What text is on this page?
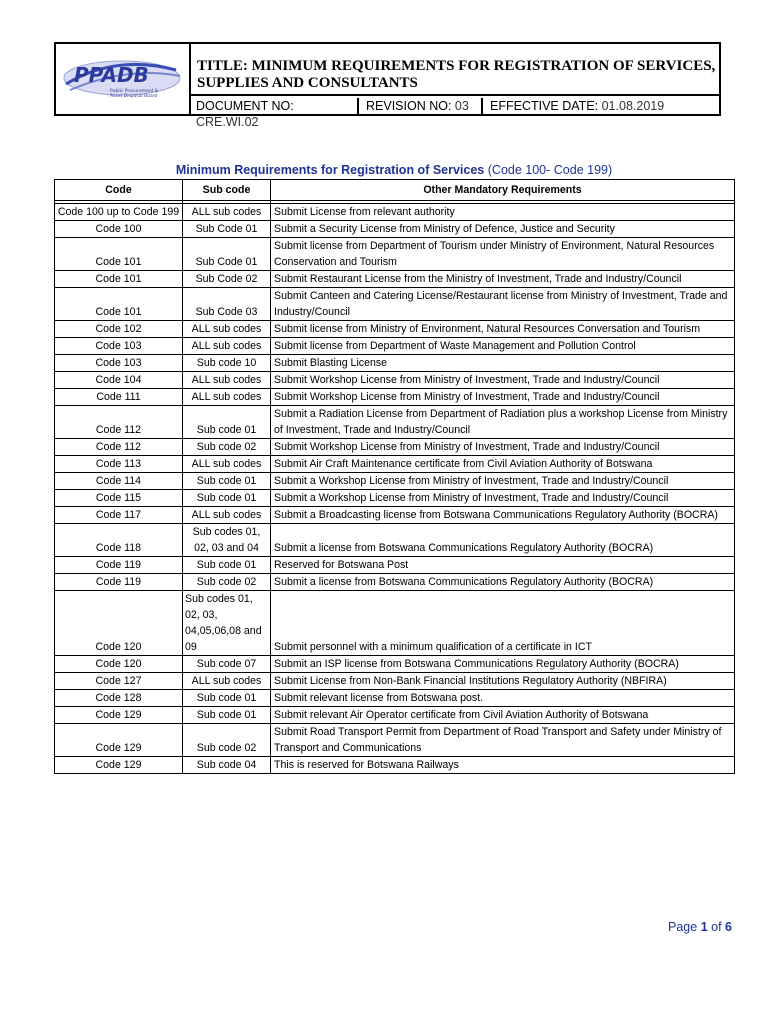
PPADB
Public Procurement &
Asset Disposal Board
TITLE: MINIMUM REQUIREMENTS FOR REGISTRATION OF SERVICES,
SUPPLIES AND CONSULTANTS
DOCUMENT NO: CRE.WI.02
REVISION NO: 03	EFFECTIVE DATE: 01.08.2019
Minimum Requirements for Registration of Services (Code 100- Code 199)
Code	Sub code	Other Mandatory Requirements

Code 100 up to Code 199	ALL sub codes	Submit License from relevant authority
Code 100	Sub Code 01	Submit a Security License from Ministry of Defence, Justice and Security
Code 101	Sub Code 01	Submit license from Department of Tourism under Ministry of Environment, Natural Resources Conservation and Tourism
Code 101	Sub Code 02	Submit Restaurant License from the Ministry of Investment, Trade and Industry/Council
Code 101	Sub Code 03	Submit Canteen and Catering License/Restaurant license from Ministry of Investment, Trade and Industry/Council
Code 102	ALL sub codes	Submit license from Ministry of Environment, Natural Resources Conversation and Tourism
Code 103	ALL sub codes	Submit license from Department of Waste Management and Pollution Control
Code 103	Sub code 10	Submit Blasting License
Code 104	ALL sub codes	Submit Workshop License from Ministry of Investment, Trade and Industry/Council
Code 111	ALL sub codes	Submit Workshop License from Ministry of Investment, Trade and Industry/Council
Code 112	Sub code 01	Submit a Radiation License from Department of Radiation plus a workshop License from Ministry of Investment, Trade and Industry/Council
Code 112	Sub code 02	Submit Workshop License from Ministry of Investment, Trade and Industry/Council
Code 113	ALL sub codes	Submit Air Craft Maintenance certificate from Civil Aviation Authority of Botswana
Code 114	Sub code 01	Submit a Workshop License from Ministry of Investment, Trade and Industry/Council
Code 115	Sub code 01	Submit a Workshop License from Ministry of Investment, Trade and Industry/Council
Code 117	ALL sub codes	Submit a Broadcasting license from Botswana Communications Regulatory Authority (BOCRA)
Code 118	Sub codes 01, 02, 03 and 04	Submit a license from Botswana Communications Regulatory Authority (BOCRA)
Code 119	Sub code 01	Reserved for Botswana Post
Code 119	Sub code 02	Submit a license from Botswana Communications Regulatory Authority (BOCRA)
Code 120	Sub codes 01, 02, 03, 04,05,06,08 and 09	Submit personnel with a minimum qualification of a certificate in ICT
Code 120	Sub code 07	Submit an ISP license from Botswana Communications Regulatory Authority (BOCRA)
Code 127	ALL sub codes	Submit License from Non-Bank Financial Institutions Regulatory Authority (NBFIRA)
Code 128	Sub code 01	Submit relevant license from Botswana post.
Code 129	Sub code 01	Submit relevant Air Operator certificate from Civil Aviation Authority of Botswana
Code 129	Sub code 02	Submit Road Transport Permit from Department of Road Transport and Safety under Ministry of Transport and Communications
Code 129	Sub code 04	This is reserved for Botswana Railways
Page 1 of 6
